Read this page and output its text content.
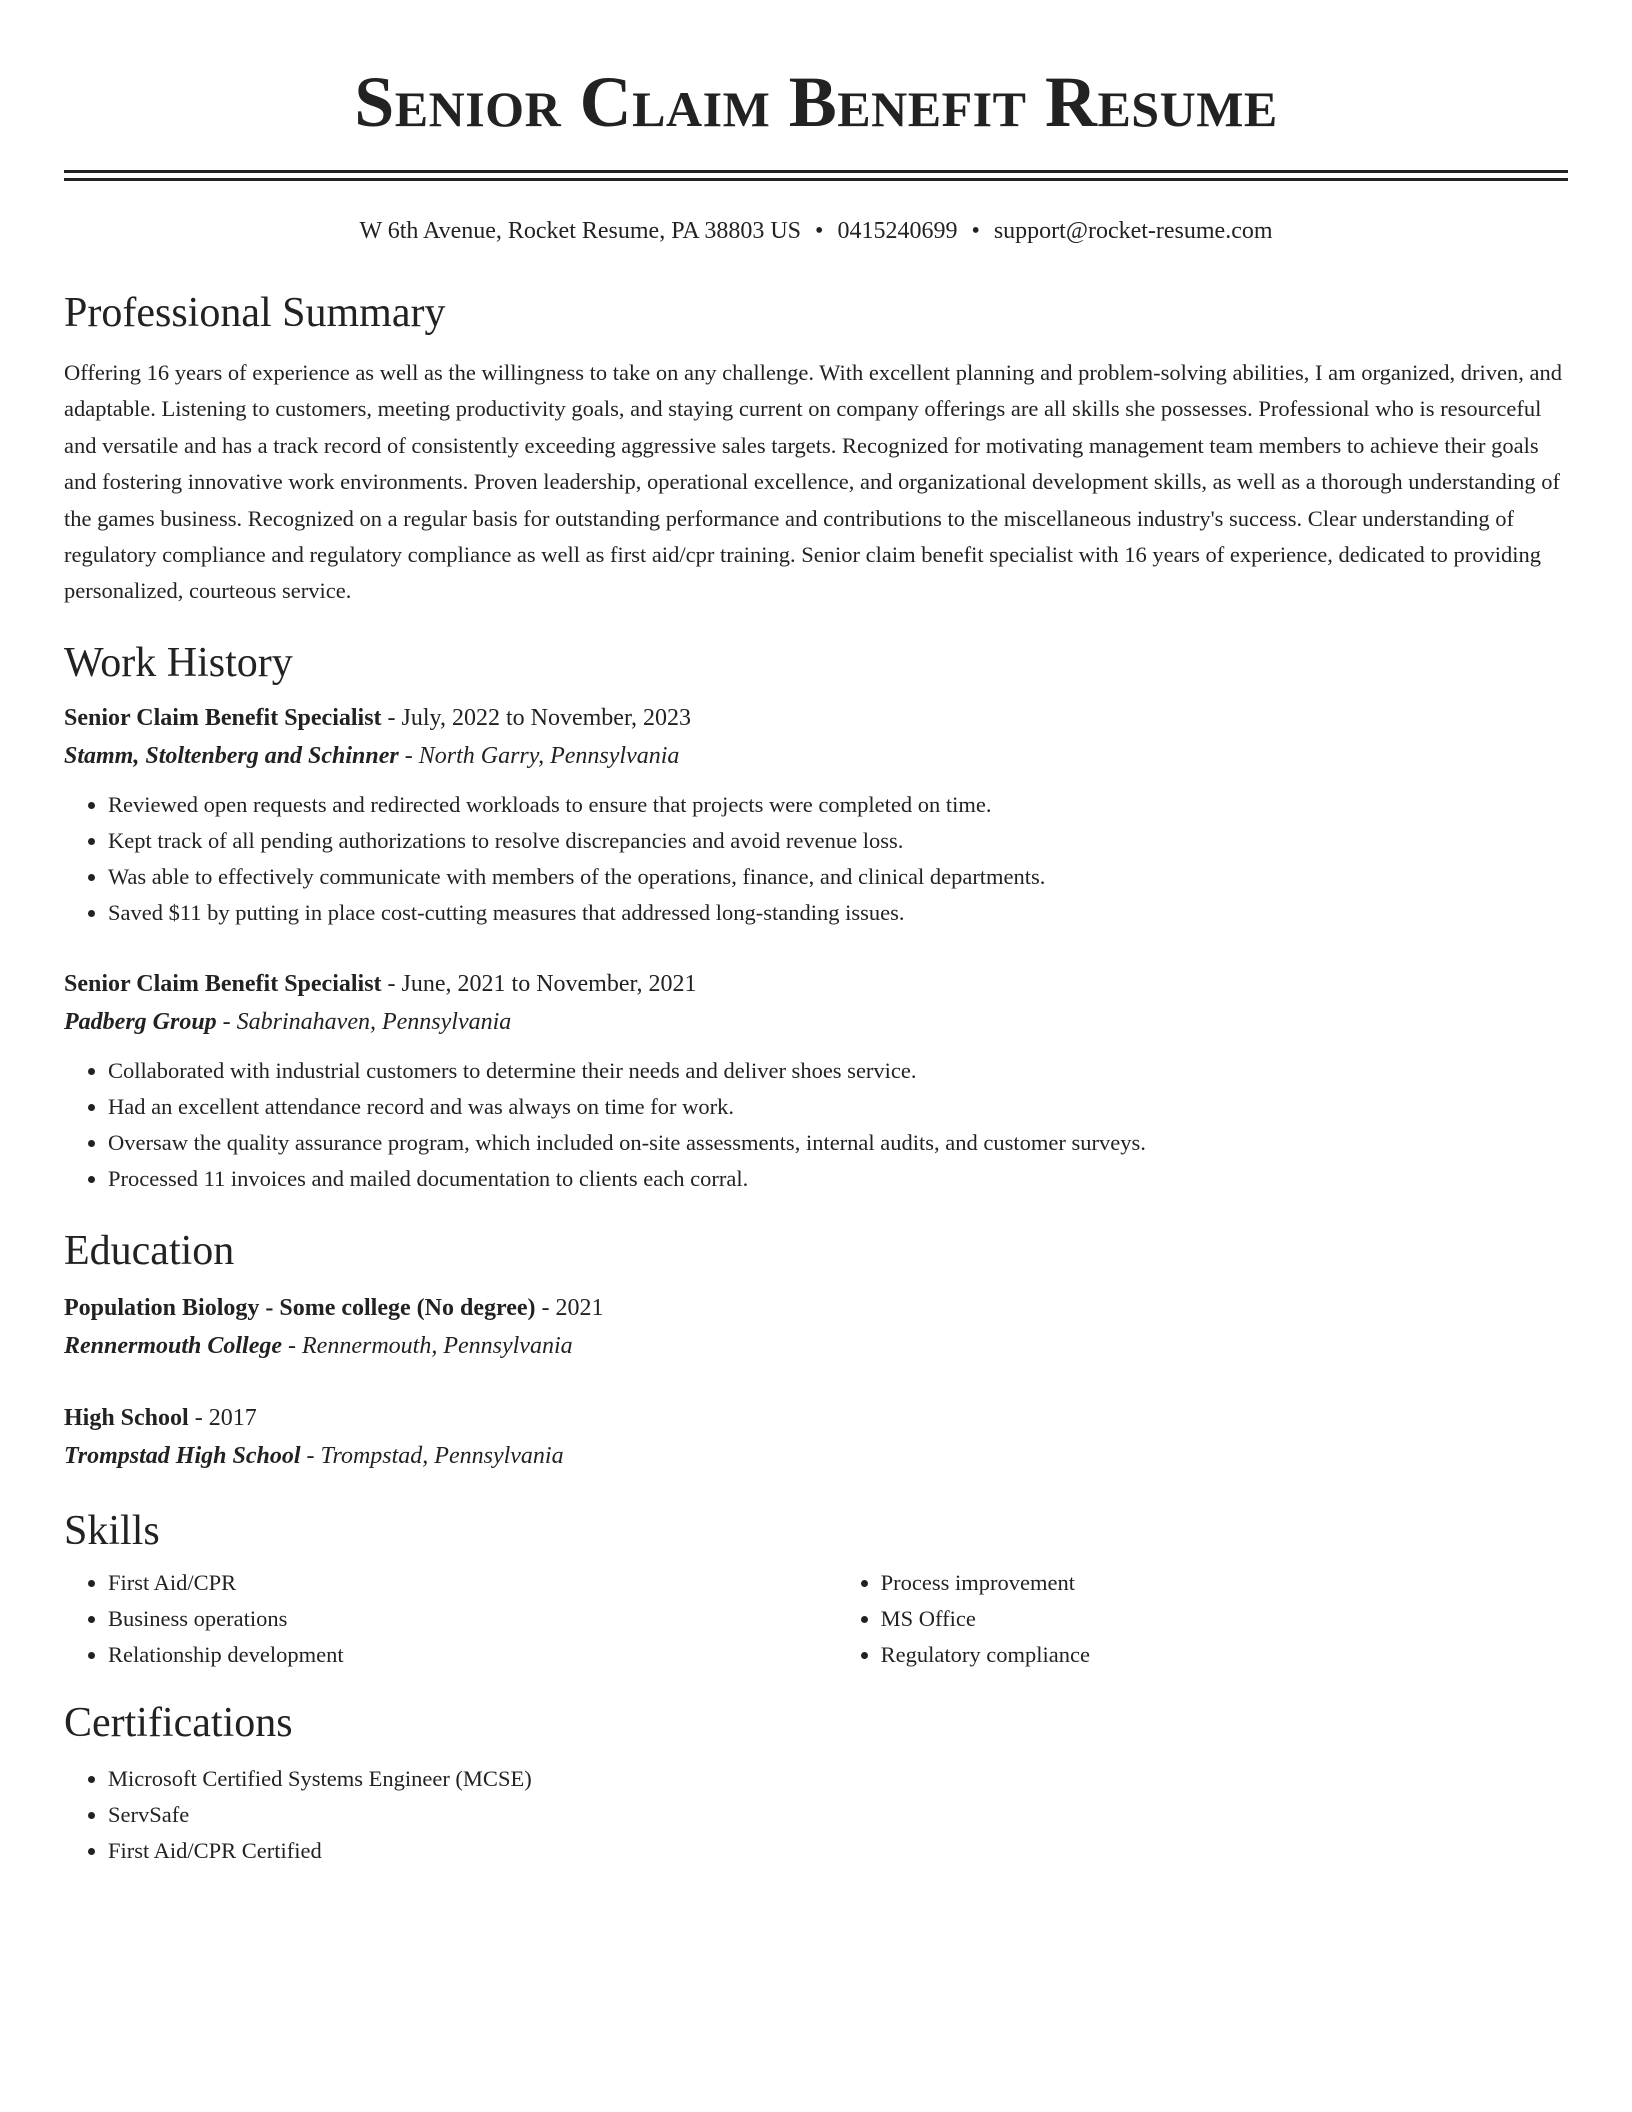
Senior Claim Benefit Resume
W 6th Avenue, Rocket Resume, PA 38803 US • 0415240699 • support@rocket-resume.com
Professional Summary

Offering 16 years of experience as well as the willingness to take on any challenge. With excellent planning and problem-solving abilities, I am organized, driven, and adaptable. Listening to customers, meeting productivity goals, and staying current on company offerings are all skills she possesses. Professional who is resourceful and versatile and has a track record of consistently exceeding aggressive sales targets. Recognized for motivating management team members to achieve their goals and fostering innovative work environments. Proven leadership, operational excellence, and organizational development skills, as well as a thorough understanding of the games business. Recognized on a regular basis for outstanding performance and contributions to the miscellaneous industry's success. Clear understanding of regulatory compliance and regulatory compliance as well as first aid/cpr training. Senior claim benefit specialist with 16 years of experience, dedicated to providing personalized, courteous service.

Work History
Senior Claim Benefit Specialist - July, 2022 to November, 2023
Stamm, Stoltenberg and Schinner - North Garry, Pennsylvania
• Reviewed open requests and redirected workloads to ensure that projects were completed on time.
• Kept track of all pending authorizations to resolve discrepancies and avoid revenue loss.
• Was able to effectively communicate with members of the operations, finance, and clinical departments.
• Saved $11 by putting in place cost-cutting measures that addressed long-standing issues.
Senior Claim Benefit Specialist - June, 2021 to November, 2021
Padberg Group - Sabrinahaven, Pennsylvania
• Collaborated with industrial customers to determine their needs and deliver shoes service.
• Had an excellent attendance record and was always on time for work.
• Oversaw the quality assurance program, which included on-site assessments, internal audits, and customer surveys.
• Processed 11 invoices and mailed documentation to clients each corral.
Education
Population Biology - Some college (No degree) - 2021
Rennermouth College - Rennermouth, Pennsylvania
High School - 2017
Trompstad High School - Trompstad, Pennsylvania
Skills
• First Aid/CPR
• Business operations
• Relationship development
• Process improvement
• MS Office
• Regulatory compliance
Certifications
• Microsoft Certified Systems Engineer (MCSE)
• ServSafe
• First Aid/CPR Certified
